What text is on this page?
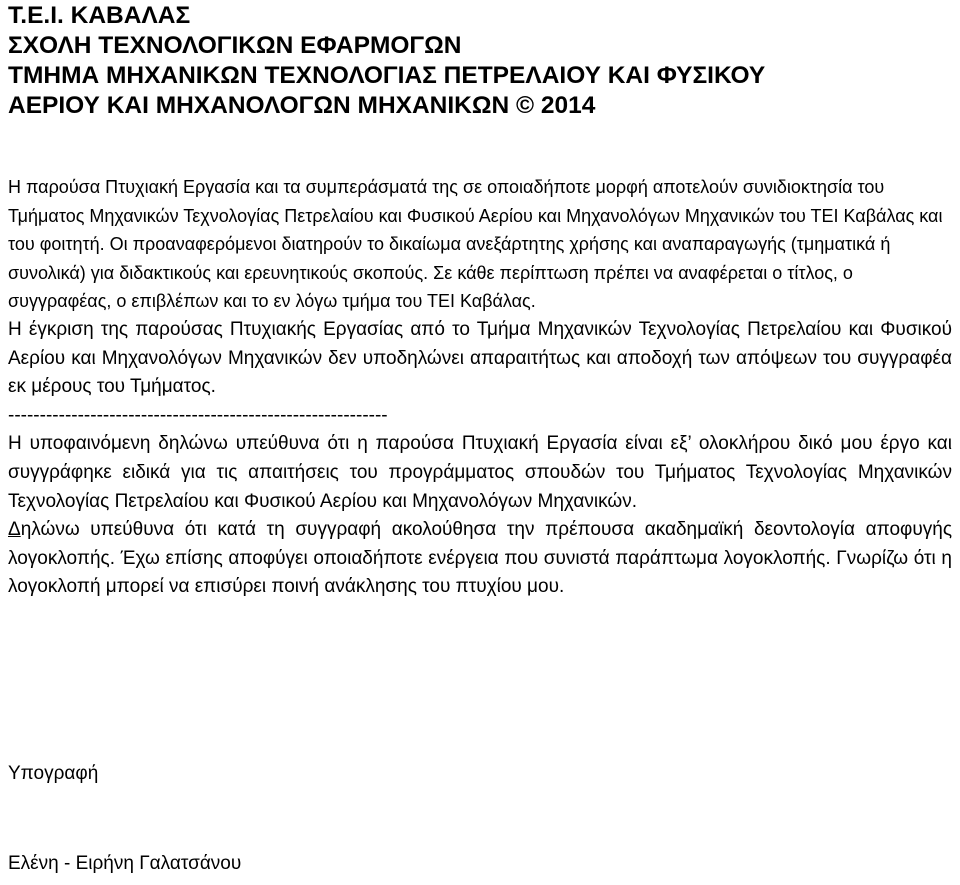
Τ.Ε.Ι. ΚΑΒΑΛΑΣ
ΣΧΟΛΗ ΤΕΧΝΟΛΟΓΙΚΩΝ ΕΦΑΡΜΟΓΩΝ
ΤΜΗΜΑ ΜΗΧΑΝΙΚΩΝ ΤΕΧΝΟΛΟΓΙΑΣ ΠΕΤΡΕΛΑΙΟΥ ΚΑΙ ΦΥΣΙΚΟΥ
ΑΕΡΙΟΥ ΚΑΙ ΜΗΧΑΝΟΛΟΓΩΝ ΜΗΧΑΝΙΚΩΝ © 2014

Η παρούσα Πτυχιακή Εργασία και τα συμπεράσματά της σε οποιαδήποτε μορφή αποτελούν συνιδιοκτησία του Τμήματος Μηχανικών Τεχνολογίας Πετρελαίου και Φυσικού Αερίου και Μηχανολόγων Μηχανικών του ΤΕΙ Καβάλας και του φοιτητή. Οι προαναφερόμενοι διατηρούν το δικαίωμα ανεξάρτητης χρήσης και αναπαραγωγής (τμηματικά ή συνολικά) για διδακτικούς και ερευνητικούς σκοπούς. Σε κάθε περίπτωση πρέπει να αναφέρεται ο τίτλος, ο συγγραφέας, ο επιβλέπων και το εν λόγω τμήμα του ΤΕΙ Καβάλας.

Η έγκριση της παρούσας Πτυχιακής Εργασίας από το Τμήμα Μηχανικών Τεχνολογίας Πετρελαίου και Φυσικού Αερίου και Μηχανολόγων Μηχανικών δεν υποδηλώνει απαραιτήτως και αποδοχή των απόψεων του συγγραφέα εκ μέρους του Τμήματος.

------------------------------------------------------------

Η υποφαινόμενη δηλώνω υπεύθυνα ότι η παρούσα Πτυχιακή Εργασία είναι εξ’ ολοκλήρου δικό μου έργο και συγγράφηκε ειδικά για τις απαιτήσεις του προγράμματος σπουδών του Τμήματος Τεχνολογίας Μηχανικών Τεχνολογίας Πετρελαίου και Φυσικού Αερίου και Μηχανολόγων Μηχανικών.

Δηλώνω υπεύθυνα ότι κατά τη συγγραφή ακολούθησα την πρέπουσα ακαδημαϊκή δεοντολογία αποφυγής λογοκλοπής. Έχω επίσης αποφύγει οποιαδήποτε ενέργεια που συνιστά παράπτωμα λογοκλοπής. Γνωρίζω ότι η λογοκλοπή μπορεί να επισύρει ποινή ανάκλησης του πτυχίου μου.

Υπογραφή

Ελένη - Ειρήνη Γαλατσάνου
